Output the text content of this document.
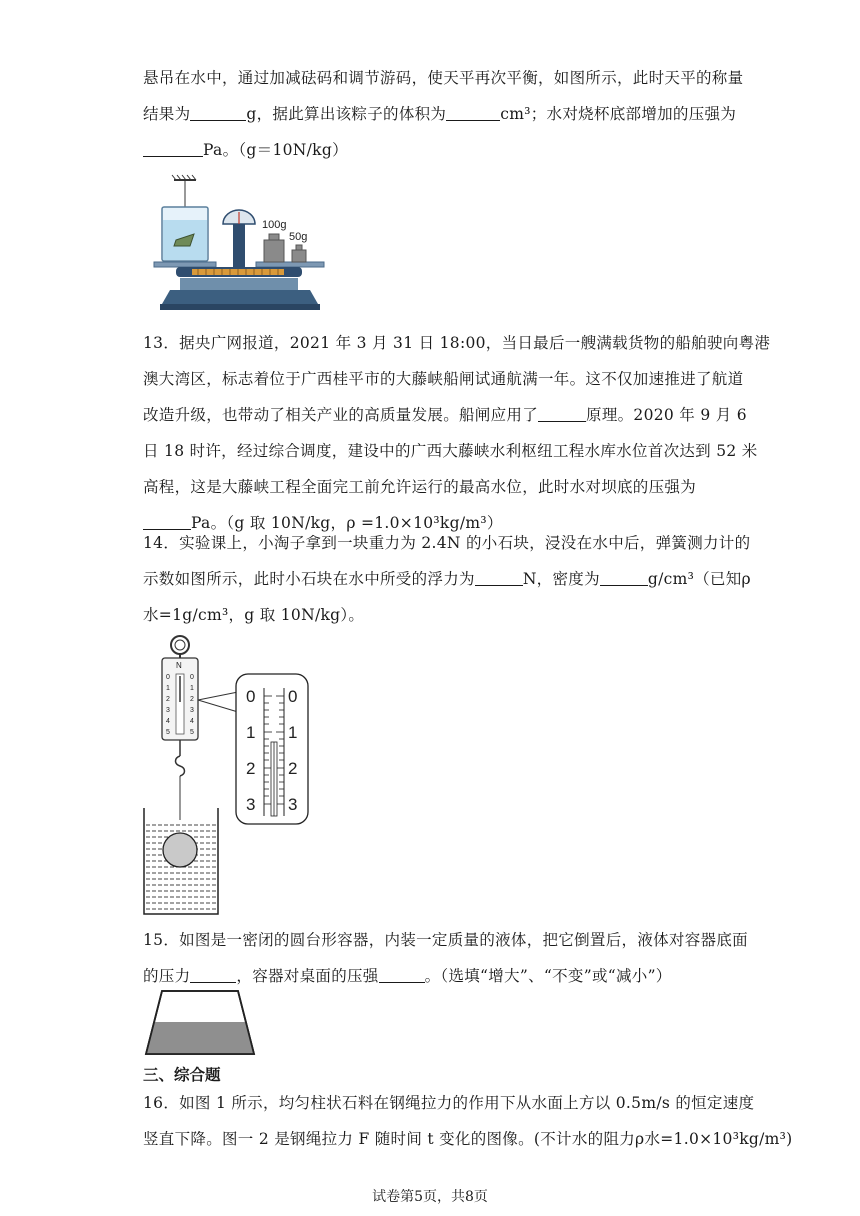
悬吊在水中，通过加减砝码和调节游码，使天平再次平衡，如图所示，此时天平的称量
结果为	g，据此算出该粽子的体积为	cm³；水对烧杯底部增加的压强为
Pa。（g＝10N/kg）
100g
50g
13．据央广网报道，2021 年 3 月 31 日 18:00，当日最后一艘满载货物的船舶驶向粤港
澳大湾区，标志着位于广西桂平市的大藤峡船闸试通航满一年。这不仅加速推进了航道
改造升级，也带动了相关产业的高质量发展。船闸应用了	原理。2020 年 9 月 6
日 18 时许，经过综合调度，建设中的广西大藤峡水利枢纽工程水库水位首次达到 52 米
高程，这是大藤峡工程全面完工前允许运行的最高水位，此时水对坝底的压强为
Pa。（g 取 10N/kg，ρ =1.0×10³kg/m³）
14．实验课上，小淘子拿到一块重力为 2.4N 的小石块，浸没在水中后，弹簧测力计的
示数如图所示，此时小石块在水中所受的浮力为	N，密度为	g/cm³（已知ρ
水=1g/cm³，g 取 10N/kg）。
N
0
1
2
3
4
5
0
1
2
3
4
5
0
1
2
3
0
1
2
3
15．如图是一密闭的圆台形容器，内装一定质量的液体，把它倒置后，液体对容器底面
的压力	，容器对桌面的压强	。（选填“增大”、“不变”或“减小”）
三、综合题
16．如图 1 所示，均匀柱状石料在钢绳拉力的作用下从水面上方以 0.5m/s 的恒定速度
竖直下降。图一 2 是钢绳拉力 F 随时间 t 变化的图像。(不计水的阻力ρ水=1.0×10³kg/m³)
试卷第5页，共8页
